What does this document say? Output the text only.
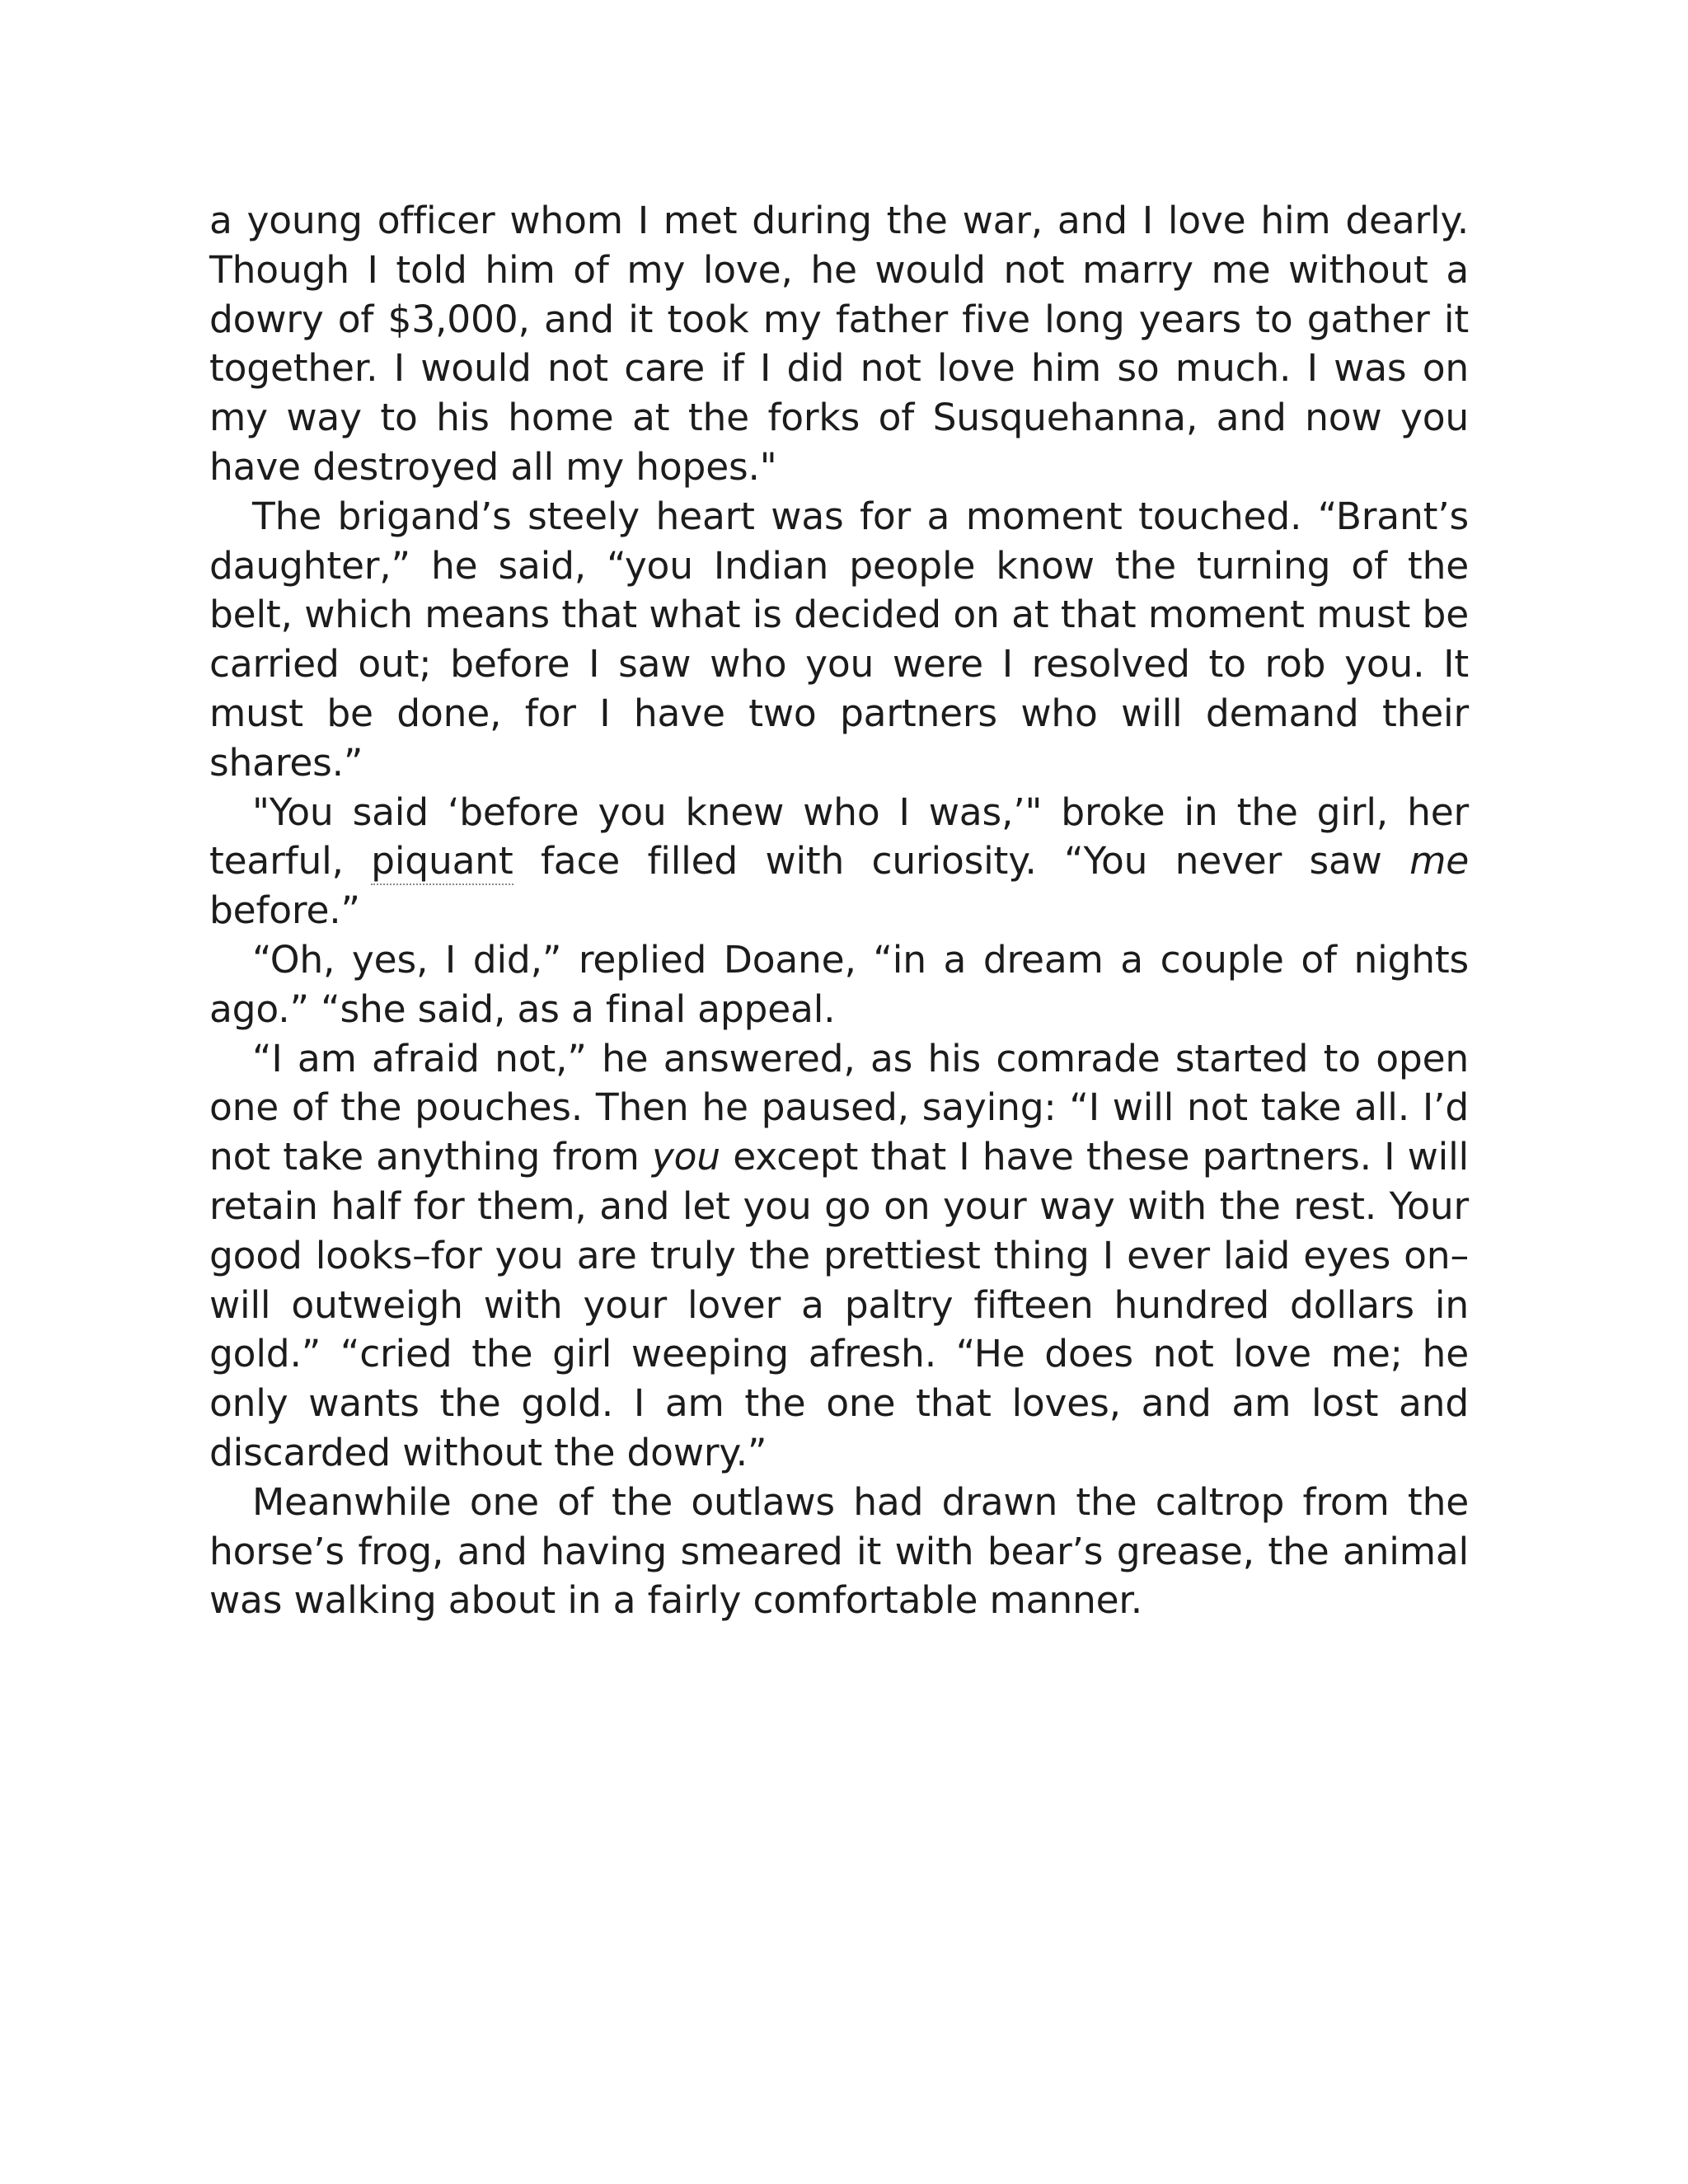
a young officer whom I met during the war, and I love him dearly. Though I told him of my love, he would not marry me without a dowry of $3,000, and it took my father five long years to gather it together. I would not care if I did not love him so much. I was on my way to his home at the forks of Susquehanna, and now you have destroyed all my hopes."

The brigand’s steely heart was for a moment touched. “Brant’s daughter,” he said, “you Indian people know the turning of the belt, which means that what is decided on at that moment must be carried out; before I saw who you were I resolved to rob you. It must be done, for I have two partners who will demand their shares.”

"You said ‘before you knew who I was,’" broke in the girl, her tearful, piquant face filled with curiosity. “You never saw me before.”

“Oh, yes, I did,” replied Doane, “in a dream a couple of nights ago.” “she said, as a final appeal.

“I am afraid not,” he answered, as his comrade started to open one of the pouches. Then he paused, saying: “I will not take all. I’d not take anything from you except that I have these partners. I will retain half for them, and let you go on your way with the rest. Your good looks–for you are truly the prettiest thing I ever laid eyes on–will outweigh with your lover a paltry fifteen hundred dollars in gold.” “cried the girl weeping afresh. “He does not love me; he only wants the gold. I am the one that loves, and am lost and discarded without the dowry.”

Meanwhile one of the outlaws had drawn the caltrop from the horse’s frog, and having smeared it with bear’s grease, the animal was walking about in a fairly comfortable manner.
